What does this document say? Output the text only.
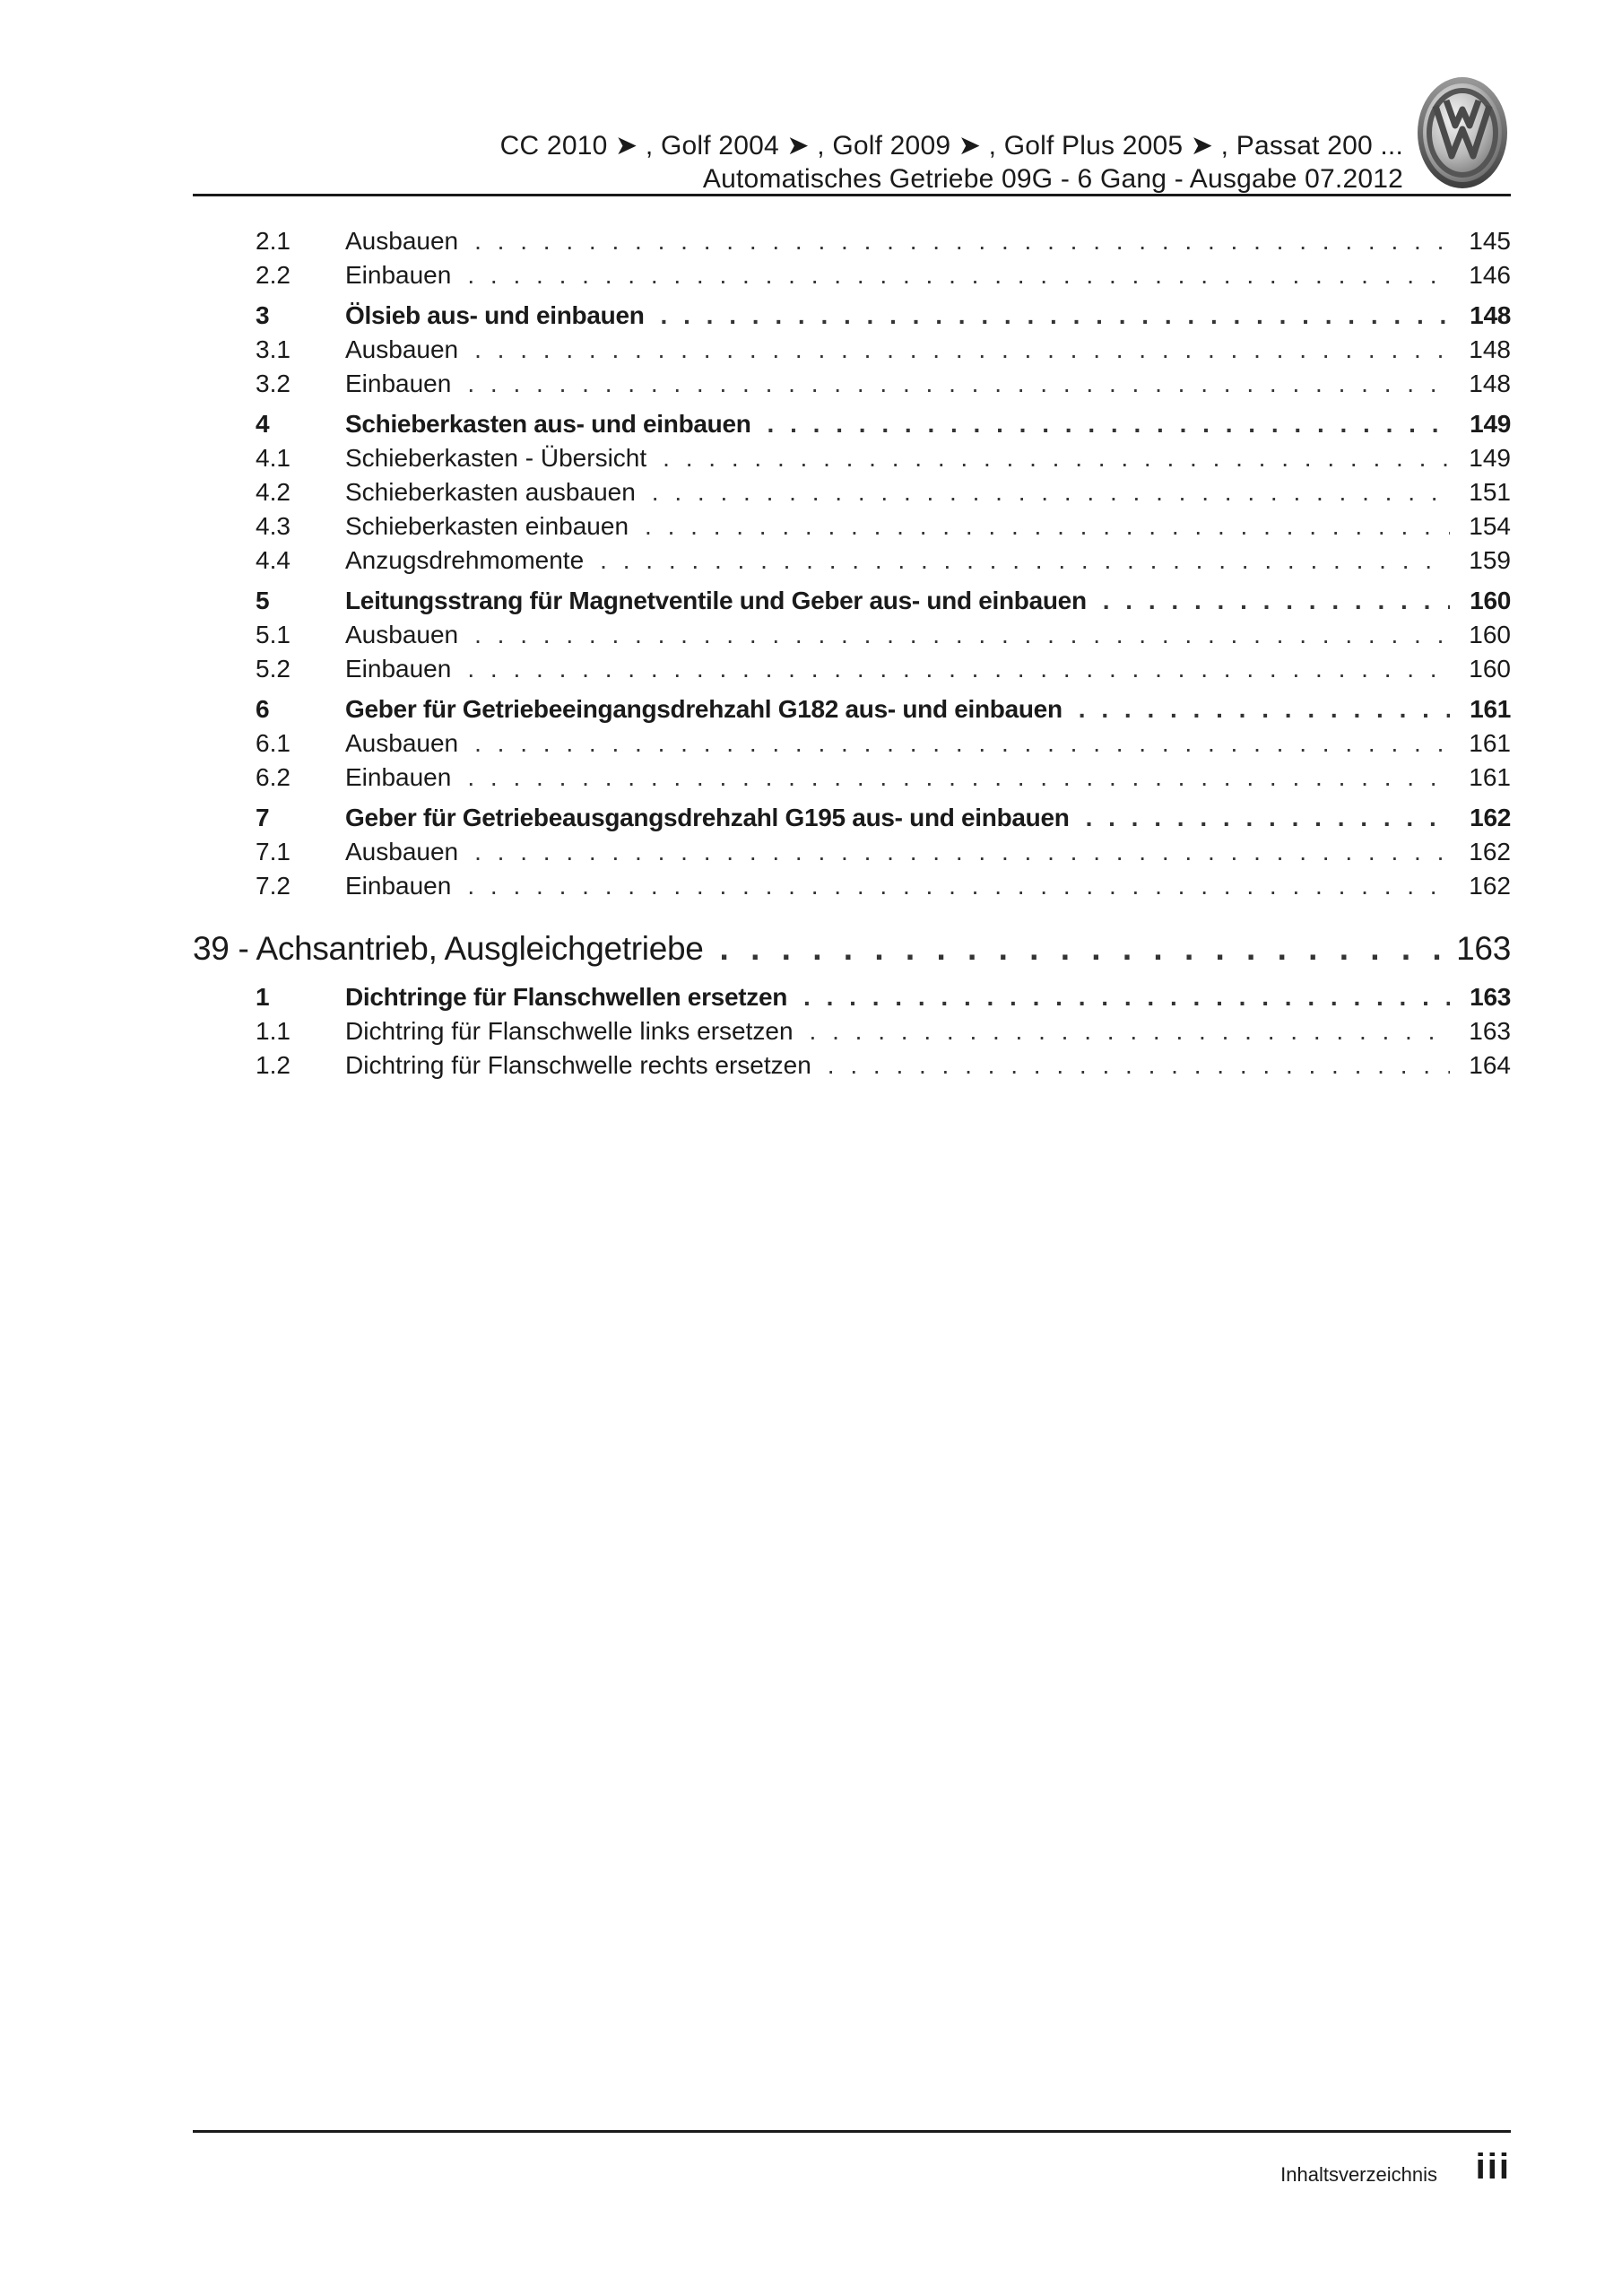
CC 2010 ➤ , Golf 2004 ➤ , Golf 2009 ➤ , Golf Plus 2005 ➤ , Passat 200 ...
Automatisches Getriebe 09G - 6 Gang - Ausgabe 07.2012
2.1	Ausbauen . . .	145
2.2	Einbauen . . .	146
3	Ölsieb aus- und einbauen . . .	148
3.1	Ausbauen . . .	148
3.2	Einbauen . . .	148
4	Schieberkasten aus- und einbauen . . .	149
4.1	Schieberkasten - Übersicht . . .	149
4.2	Schieberkasten ausbauen . . .	151
4.3	Schieberkasten einbauen . . .	154
4.4	Anzugsdrehmomente . . .	159
5	Leitungsstrang für Magnetventile und Geber aus- und einbauen . . .	160
5.1	Ausbauen . . .	160
5.2	Einbauen . . .	160
6	Geber für Getriebeeingangsdrehzahl G182 aus- und einbauen . . .	161
6.1	Ausbauen . . .	161
6.2	Einbauen . . .	161
7	Geber für Getriebeausgangsdrehzahl G195 aus- und einbauen . . .	162
7.1	Ausbauen . . .	162
7.2	Einbauen . . .	162
39 - Achsantrieb, Ausgleichgetriebe . . .	163
1	Dichtringe für Flanschwellen ersetzen . . .	163
1.1	Dichtring für Flanschwelle links ersetzen . . .	163
1.2	Dichtring für Flanschwelle rechts ersetzen . . .	164
Inhaltsverzeichnis iii
